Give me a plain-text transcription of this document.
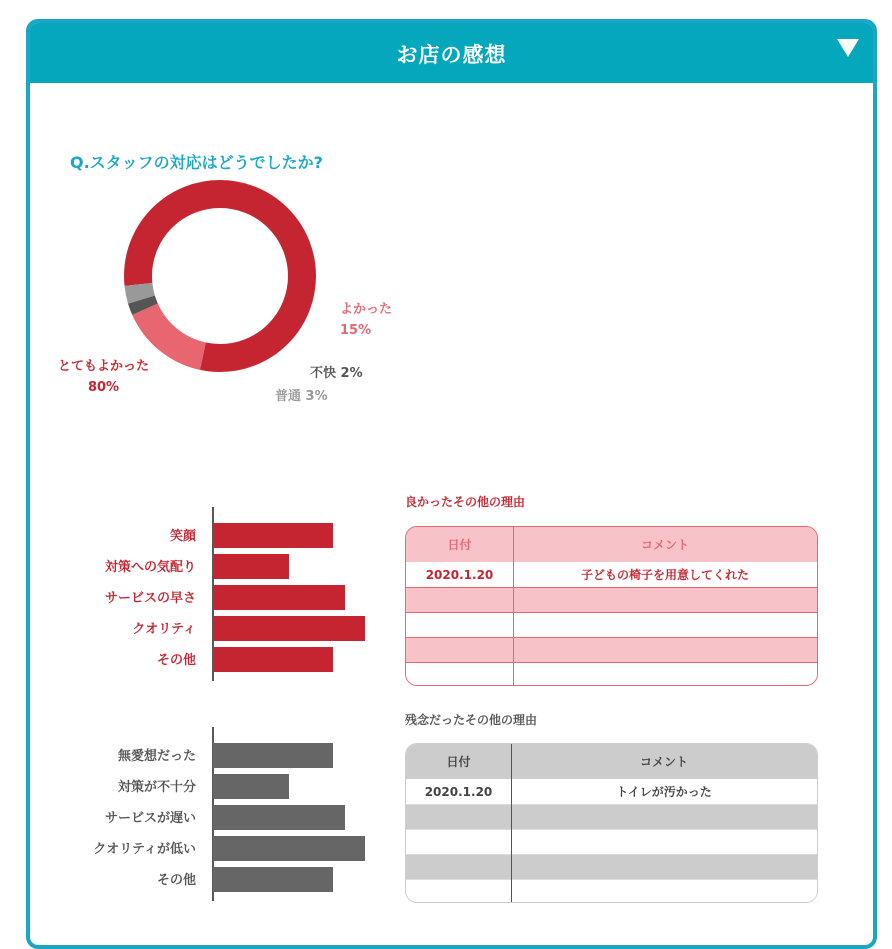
お店の感想
Q.スタッフの対応はどうでしたか?
とてもよかった
80%
よかった
15%
不快 2%
普通 3%
笑顔
対策への気配り
サービスの早さ
クオリティ
その他
無愛想だった
対策が不十分
サービスが遅い
クオリティが低い
その他
良かったその他の理由
日付	コメント
2020.1.20	子どもの椅子を用意してくれた
残念だったその他の理由
日付	コメント
2020.1.20	トイレが汚かった
